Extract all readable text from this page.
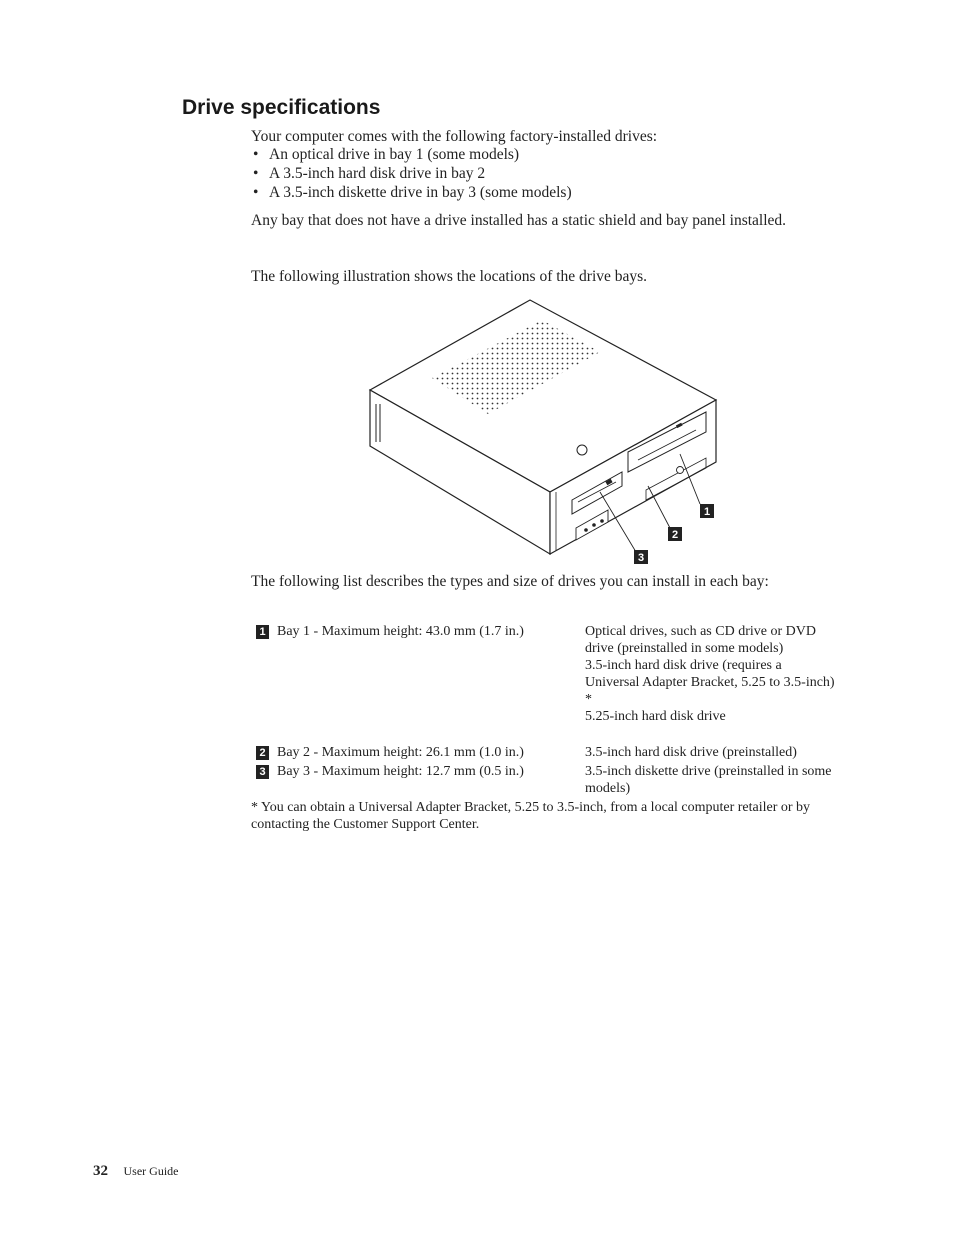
Drive specifications

Your computer comes with the following factory-installed drives:

• An optical drive in bay 1 (some models)
• A 3.5-inch hard disk drive in bay 2
• A 3.5-inch diskette drive in bay 3 (some models)

Any bay that does not have a drive installed has a static shield and bay panel installed.

The following illustration shows the locations of the drive bays.

1
2
3

The following list describes the types and size of drives you can install in each bay:

1 Bay 1 - Maximum height: 43.0 mm (1.7 in.)	Optical drives, such as CD drive or DVD drive (preinstalled in some models)
3.5-inch hard disk drive (requires a Universal Adapter Bracket, 5.25 to 3.5-inch) *
5.25-inch hard disk drive
2 Bay 2 - Maximum height: 26.1 mm (1.0 in.)	3.5-inch hard disk drive (preinstalled)
3 Bay 3 - Maximum height: 12.7 mm (0.5 in.)	3.5-inch diskette drive (preinstalled in some models)

* You can obtain a Universal Adapter Bracket, 5.25 to 3.5-inch, from a local computer retailer or by contacting the Customer Support Center.

32 User Guide
